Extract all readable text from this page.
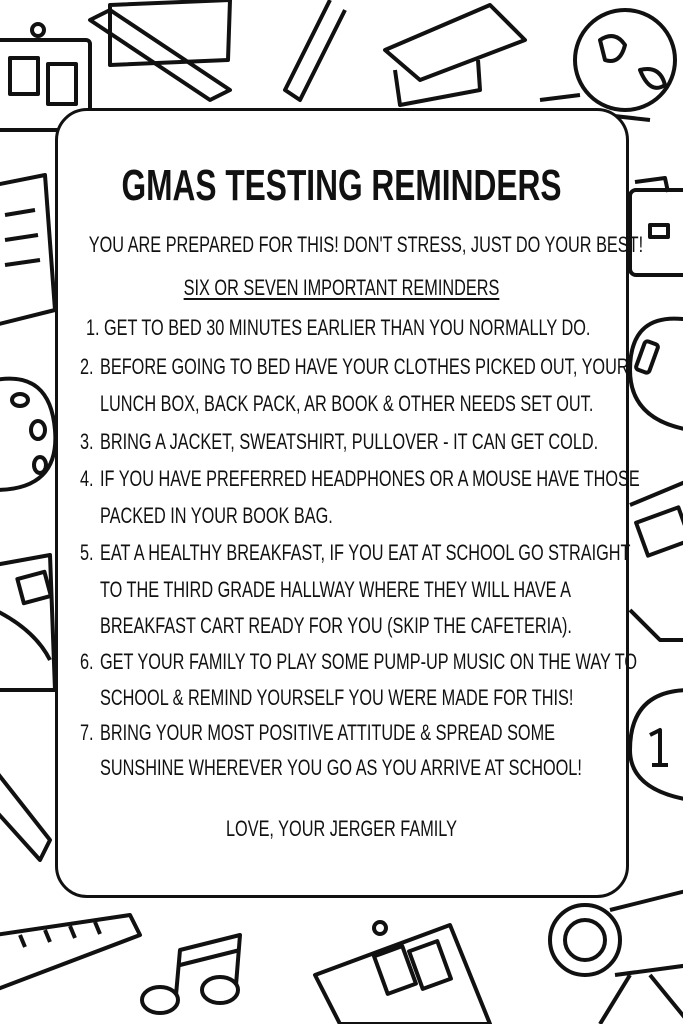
GMAS TESTING REMINDERS
YOU ARE PREPARED FOR THIS! DON'T STRESS, JUST DO YOUR BEST!
SIX OR SEVEN IMPORTANT REMINDERS
1. GET TO BED 30 MINUTES EARLIER THAN YOU NORMALLY DO.
2. BEFORE GOING TO BED HAVE YOUR CLOTHES PICKED OUT, YOUR
LUNCH BOX, BACK PACK, AR BOOK & OTHER NEEDS SET OUT.
3. BRING A JACKET, SWEATSHIRT, PULLOVER - IT CAN GET COLD.
4. IF YOU HAVE PREFERRED HEADPHONES OR A MOUSE HAVE THOSE
PACKED IN YOUR BOOK BAG.
5. EAT A HEALTHY BREAKFAST, IF YOU EAT AT SCHOOL GO STRAIGHT
TO THE THIRD GRADE HALLWAY WHERE THEY WILL HAVE A
BREAKFAST CART READY FOR YOU (SKIP THE CAFETERIA).
6. GET YOUR FAMILY TO PLAY SOME PUMP-UP MUSIC ON THE WAY TO
SCHOOL & REMIND YOURSELF YOU WERE MADE FOR THIS!
7. BRING YOUR MOST POSITIVE ATTITUDE & SPREAD SOME
SUNSHINE WHEREVER YOU GO AS YOU ARRIVE AT SCHOOL!
LOVE, YOUR JERGER FAMILY
